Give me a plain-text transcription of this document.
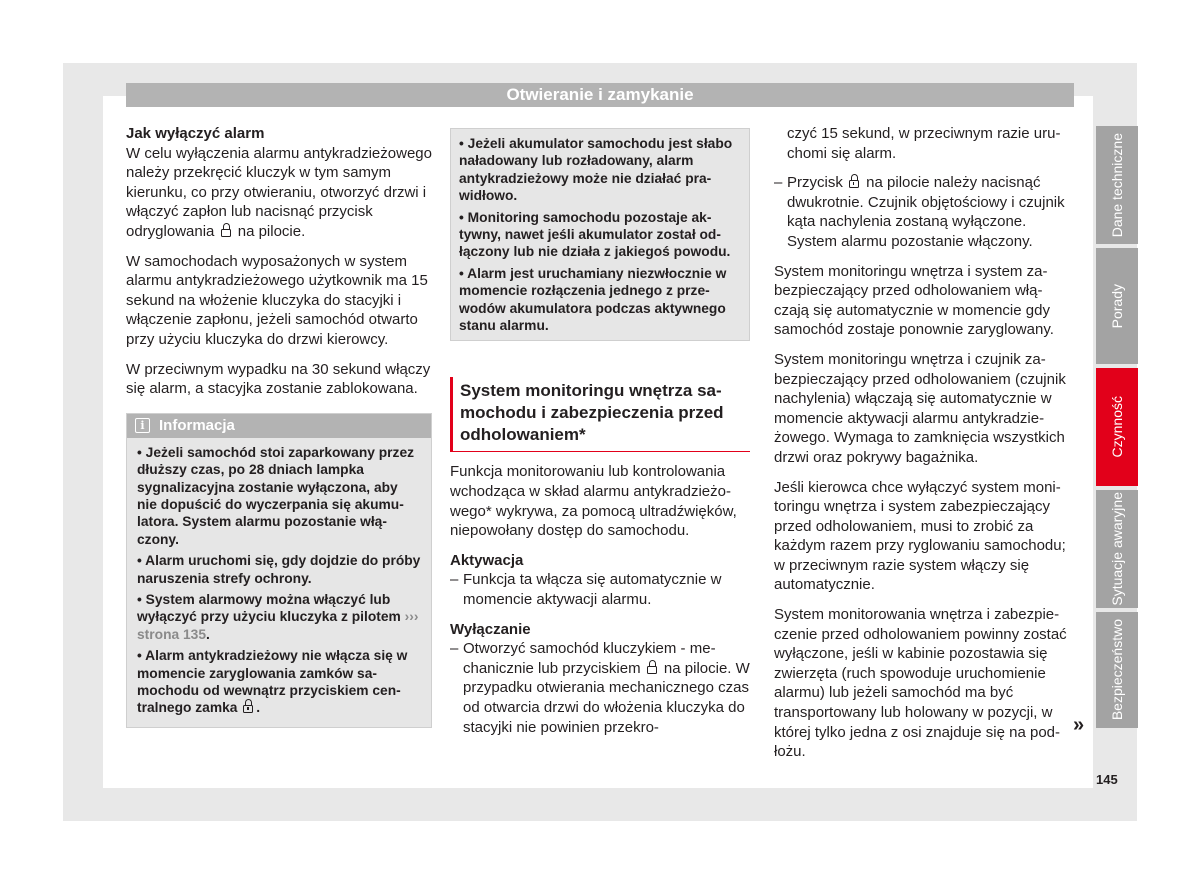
Otwieranie i zamykanie

Jak wyłączyć alarm

W celu wyłączenia alarmu antykradzieżowego należy przekręcić kluczyk w tym samym kierunku, co przy otwieraniu, otworzyć drzwi i włączyć zapłon lub nacisnąć przycisk odryglowania  na pilocie.

W samochodach wyposażonych w system alarmu antykradzieżowego użytkownik ma 15 sekund na włożenie kluczyka do stacyjki i włączenie zapłonu, jeżeli samochód otwarto przy użyciu kluczyka do drzwi kierowcy.

W przeciwnym wypadku na 30 sekund włączy się alarm, a stacyjka zostanie zablokowana.

i Informacja

• Jeżeli samochód stoi zaparkowany przez dłuższy czas, po 28 dniach lampka sygnalizacyjna zostanie wyłączona, aby nie dopuścić do wyczerpania się akumulatora. System alarmu pozostanie włączony.

• Alarm uruchomi się, gdy dojdzie do próby naruszenia strefy ochrony.

• System alarmowy można włączyć lub wyłączyć przy użyciu kluczyka z pilotem ››› strona 135.

• Alarm antykradzieżowy nie włącza się w momencie zaryglowania zamków samochodu od wewnątrz przyciskiem centralnego zamka .

• Jeżeli akumulator samochodu jest słabo naładowany lub rozładowany, alarm antykradzieżowy może nie działać prawidłowo.

• Monitoring samochodu pozostaje aktywny, nawet jeśli akumulator został odłączony lub nie działa z jakiegoś powodu.

• Alarm jest uruchamiany niezwłocznie w momencie rozłączenia jednego z przewodów akumulatora podczas aktywnego stanu alarmu.

System monitoringu wnętrza samochodu i zabezpieczenia przed odholowaniem*

Funkcja monitorowaniu lub kontrolowania wchodząca w skład alarmu antykradzieżowego* wykrywa, za pomocą ultradźwięków, niepowołany dostęp do samochodu.

Aktywacja

– Funkcja ta włącza się automatycznie w momencie aktywacji alarmu.

Wyłączanie

– Otworzyć samochód kluczykiem - mechanicznie lub przyciskiem  na pilocie. W przypadku otwierania mechanicznego czas od otwarcia drzwi do włożenia kluczyka do stacyjki nie powinien przekro-

czyć 15 sekund, w przeciwnym razie uruchomi się alarm.

– Przycisk  na pilocie należy nacisnąć dwukrotnie. Czujnik objętościowy i czujnik kąta nachylenia zostaną wyłączone. System alarmu pozostanie włączony.

System monitoringu wnętrza i system zabezpieczający przed odholowaniem włączają się automatycznie w momencie gdy samochód zostaje ponownie zaryglowany.

System monitoringu wnętrza i czujnik zabezpieczający przed odholowaniem (czujnik nachylenia) włączają się automatycznie w momencie aktywacji alarmu antykradzieżowego. Wymaga to zamknięcia wszystkich drzwi oraz pokrywy bagażnika.

Jeśli kierowca chce wyłączyć system monitoringu wnętrza i system zabezpieczający przed odholowaniem, musi to zrobić za każdym razem przy ryglowaniu samochodu; w przeciwnym razie system włączy się automatycznie.

System monitorowania wnętrza i zabezpieczenie przed odholowaniem powinny zostać wyłączone, jeśli w kabinie pozostawia się zwierzęta (ruch spowoduje uruchomienie alarmu) lub jeżeli samochód ma być transportowany lub holowany w pozycji, w której tylko jedna z osi znajduje się na podłożu.

»
Dane techniczne
Porady
Czynność
Sytuacje awaryjne
Bezpieczeństwo
145
